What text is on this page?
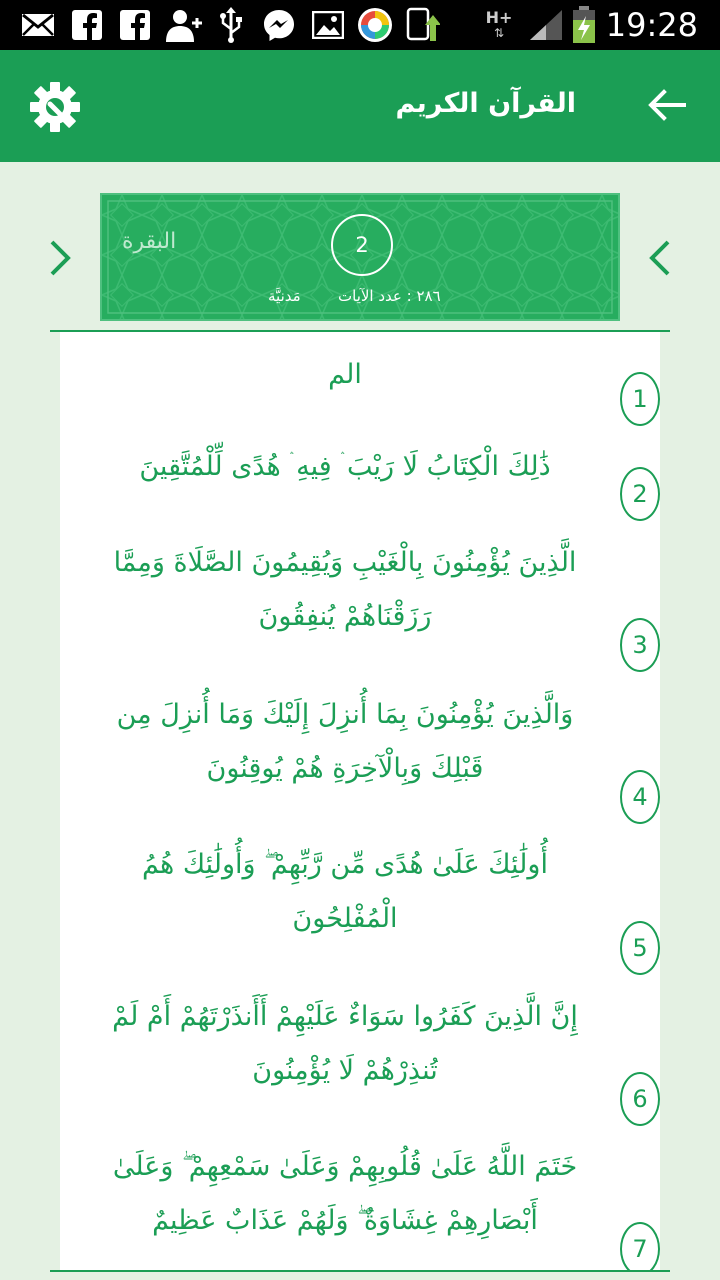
H+
⇅	19:28
القرآن الكريم
2
البقرة
٢٨٦ : عدد الآيات
مَدنيَّة
الم
1
ذَٰلِكَ الْكِتَابُ لَا رَيْبَ ۛ فِيهِ ۛ هُدًى لِّلْمُتَّقِينَ
2
الَّذِينَ يُؤْمِنُونَ بِالْغَيْبِ وَيُقِيمُونَ الصَّلَاةَ وَمِمَّا رَزَقْنَاهُمْ يُنفِقُونَ
3
وَالَّذِينَ يُؤْمِنُونَ بِمَا أُنزِلَ إِلَيْكَ وَمَا أُنزِلَ مِن قَبْلِكَ وَبِالْآخِرَةِ هُمْ يُوقِنُونَ
4
أُولَٰئِكَ عَلَىٰ هُدًى مِّن رَّبِّهِمْ ۖ وَأُولَٰئِكَ هُمُ الْمُفْلِحُونَ
5
إِنَّ الَّذِينَ كَفَرُوا سَوَاءٌ عَلَيْهِمْ أَأَنذَرْتَهُمْ أَمْ لَمْ تُنذِرْهُمْ لَا يُؤْمِنُونَ
6
خَتَمَ اللَّهُ عَلَىٰ قُلُوبِهِمْ وَعَلَىٰ سَمْعِهِمْ ۖ وَعَلَىٰ أَبْصَارِهِمْ غِشَاوَةٌ ۖ وَلَهُمْ عَذَابٌ عَظِيمٌ
7
